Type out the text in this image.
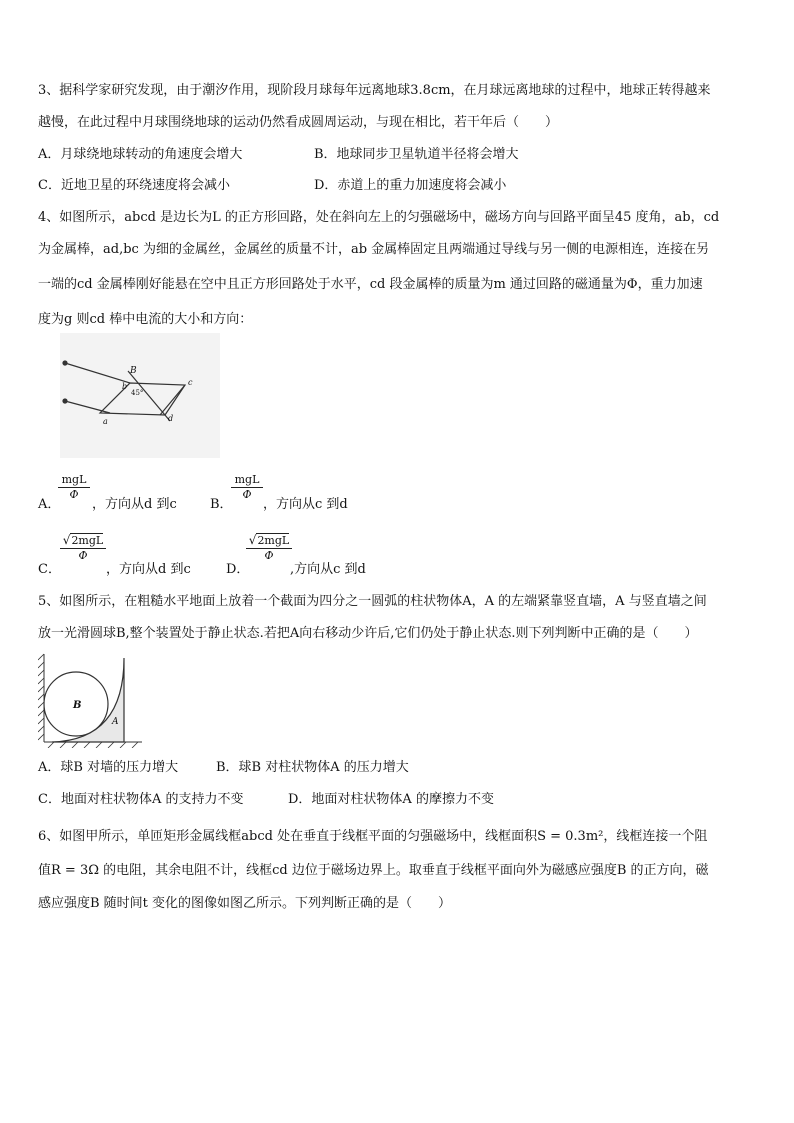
3、据科学家研究发现，由于潮汐作用，现阶段月球每年远离地球3.8cm，在月球远离地球的过程中，地球正转得越来
越慢，在此过程中月球围绕地球的运动仍然看成圆周运动，与现在相比，若干年后（　　）
A．月球绕地球转动的角速度会增大	B．地球同步卫星轨道半径将会增大
C．近地卫星的环绕速度将会减小	D．赤道上的重力加速度将会减小
4、如图所示，abcd 是边长为L 的正方形回路，处在斜向左上的匀强磁场中，磁场方向与回路平面呈45 度角，ab，cd
为金属棒，ad,bc 为细的金属丝，金属丝的质量不计，ab 金属棒固定且两端通过导线与另一侧的电源相连，连接在另
一端的cd 金属棒刚好能悬在空中且正方形回路处于水平，cd 段金属棒的质量为m 通过回路的磁通量为Φ，重力加速
度为g 则cd 棒中电流的大小和方向：
B
b
45°
c
d
a
A．
mgL
Φ
，方向从d 到c	B．
mgL
Φ
，方向从c 到d
C．
√2mgL
Φ
，方向从d 到c	D．
√2mgL
Φ
,方向从c 到d
5、如图所示，在粗糙水平地面上放着一个截面为四分之一圆弧的柱状物体A，A 的左端紧靠竖直墙，A 与竖直墙之间
放一光滑圆球B,整个装置处于静止状态.若把A向右移动少许后,它们仍处于静止状态.则下列判断中正确的是（　　）
B
A
A．球B 对墙的压力增大	B．球B 对柱状物体A 的压力增大
C．地面对柱状物体A 的支持力不变	D．地面对柱状物体A 的摩擦力不变
6、如图甲所示，单匝矩形金属线框abcd 处在垂直于线框平面的匀强磁场中，线框面积S = 0.3m²，线框连接一个阻
值R = 3Ω 的电阻，其余电阻不计，线框cd 边位于磁场边界上。取垂直于线框平面向外为磁感应强度B 的正方向，磁
感应强度B 随时间t 变化的图像如图乙所示。下列判断正确的是（　　）
